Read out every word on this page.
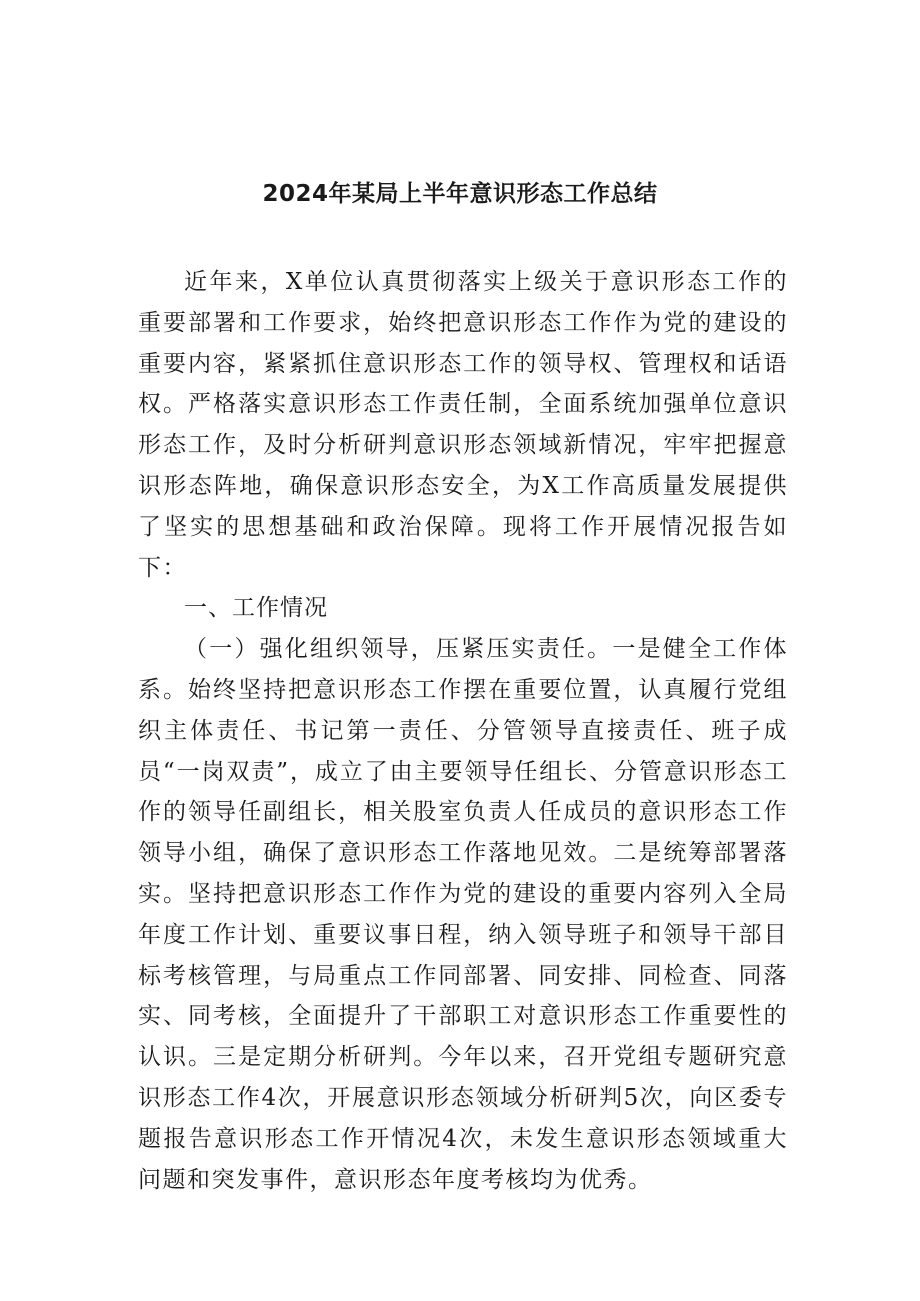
2024年某局上半年意识形态工作总结

近年来，X单位认真贯彻落实上级关于意识形态工作的重要部署和工作要求，始终把意识形态工作作为党的建设的重要内容，紧紧抓住意识形态工作的领导权、管理权和话语权。严格落实意识形态工作责任制，全面系统加强单位意识形态工作，及时分析研判意识形态领域新情况，牢牢把握意识形态阵地，确保意识形态安全，为X工作高质量发展提供了坚实的思想基础和政治保障。现将工作开展情况报告如下：

一、工作情况

（一）强化组织领导，压紧压实责任。一是健全工作体系。始终坚持把意识形态工作摆在重要位置，认真履行党组织主体责任、书记第一责任、分管领导直接责任、班子成员“一岗双责”，成立了由主要领导任组长、分管意识形态工作的领导任副组长，相关股室负责人任成员的意识形态工作领导小组，确保了意识形态工作落地见效。二是统筹部署落实。坚持把意识形态工作作为党的建设的重要内容列入全局年度工作计划、重要议事日程，纳入领导班子和领导干部目标考核管理，与局重点工作同部署、同安排、同检查、同落实、同考核，全面提升了干部职工对意识形态工作重要性的认识。三是定期分析研判。今年以来，召开党组专题研究意识形态工作4次，开展意识形态领域分析研判5次，向区委专题报告意识形态工作开情况4次，未发生意识形态领域重大问题和突发事件，意识形态年度考核均为优秀。
